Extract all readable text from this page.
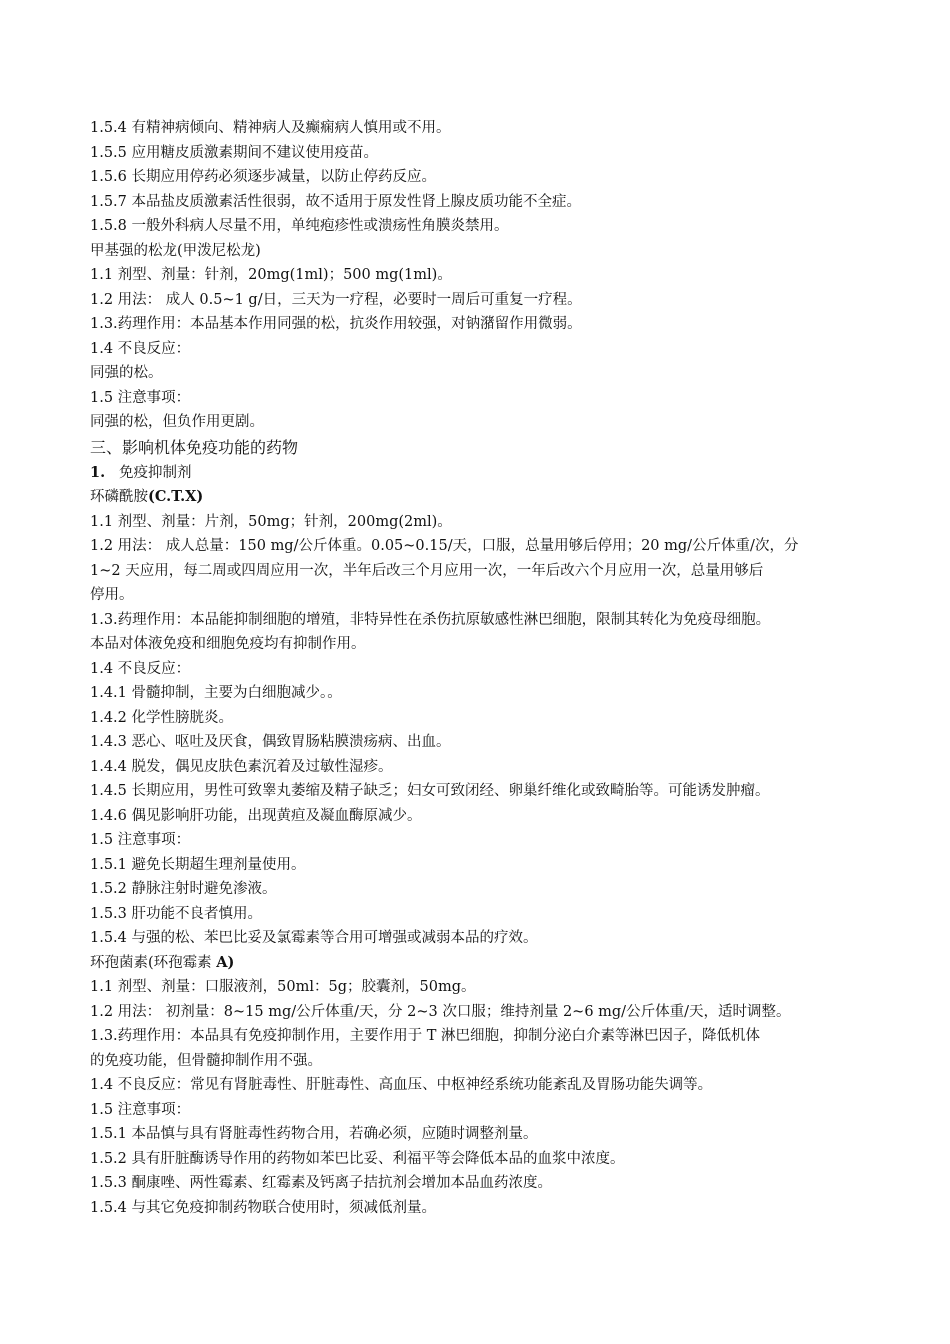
1.5.4 有精神病倾向、精神病人及癫痫病人慎用或不用。
1.5.5 应用糖皮质激素期间不建议使用疫苗。
1.5.6 长期应用停药必须逐步减量，以防止停药反应。
1.5.7 本品盐皮质激素活性很弱，故不适用于原发性肾上腺皮质功能不全症。
1.5.8 一般外科病人尽量不用，单纯疱疹性或溃疡性角膜炎禁用。
甲基强的松龙(甲泼尼松龙)
1.1 剂型、剂量：针剂，20mg(1ml)；500 mg(1ml)。
1.2 用法： 成人 0.5~1 g/日，三天为一疗程，必要时一周后可重复一疗程。
1.3.药理作用：本品基本作用同强的松，抗炎作用较强，对钠潴留作用微弱。
1.4 不良反应：
同强的松。
1.5 注意事项：
同强的松，但负作用更剧。
三、影响机体免疫功能的药物
1. 免疫抑制剂
环磷酰胺(C.T.X)
1.1 剂型、剂量：片剂，50mg；针剂，200mg(2ml)。
1.2 用法： 成人总量：150 mg/公斤体重。0.05~0.15/天，口服，总量用够后停用；20 mg/公斤体重/次，分
1~2 天应用，每二周或四周应用一次，半年后改三个月应用一次，一年后改六个月应用一次，总量用够后
停用。
1.3.药理作用：本品能抑制细胞的增殖，非特异性在杀伤抗原敏感性淋巴细胞，限制其转化为免疫母细胞。
本品对体液免疫和细胞免疫均有抑制作用。
1.4 不良反应：
1.4.1 骨髓抑制，主要为白细胞减少。。
1.4.2 化学性膀胱炎。
1.4.3 恶心、呕吐及厌食，偶致胃肠粘膜溃疡病、出血。
1.4.4 脱发，偶见皮肤色素沉着及过敏性湿疹。
1.4.5 长期应用，男性可致睾丸萎缩及精子缺乏；妇女可致闭经、卵巢纤维化或致畸胎等。可能诱发肿瘤。
1.4.6 偶见影响肝功能，出现黄疸及凝血酶原减少。
1.5 注意事项：
1.5.1 避免长期超生理剂量使用。
1.5.2 静脉注射时避免渗液。
1.5.3 肝功能不良者慎用。
1.5.4 与强的松、苯巴比妥及氯霉素等合用可增强或减弱本品的疗效。
环孢菌素(环孢霉素 A)
1.1 剂型、剂量：口服液剂，50ml：5g；胶囊剂，50mg。
1.2 用法： 初剂量：8~15 mg/公斤体重/天，分 2~3 次口服；维持剂量 2~6 mg/公斤体重/天，适时调整。
1.3.药理作用：本品具有免疫抑制作用，主要作用于 T 淋巴细胞，抑制分泌白介素等淋巴因子，降低机体
的免疫功能，但骨髓抑制作用不强。
1.4 不良反应：常见有肾脏毒性、肝脏毒性、高血压、中枢神经系统功能紊乱及胃肠功能失调等。
1.5 注意事项：
1.5.1 本品慎与具有肾脏毒性药物合用，若确必须，应随时调整剂量。
1.5.2 具有肝脏酶诱导作用的药物如苯巴比妥、利福平等会降低本品的血浆中浓度。
1.5.3 酮康唑、两性霉素、红霉素及钙离子拮抗剂会增加本品血药浓度。
1.5.4 与其它免疫抑制药物联合使用时，须减低剂量。
